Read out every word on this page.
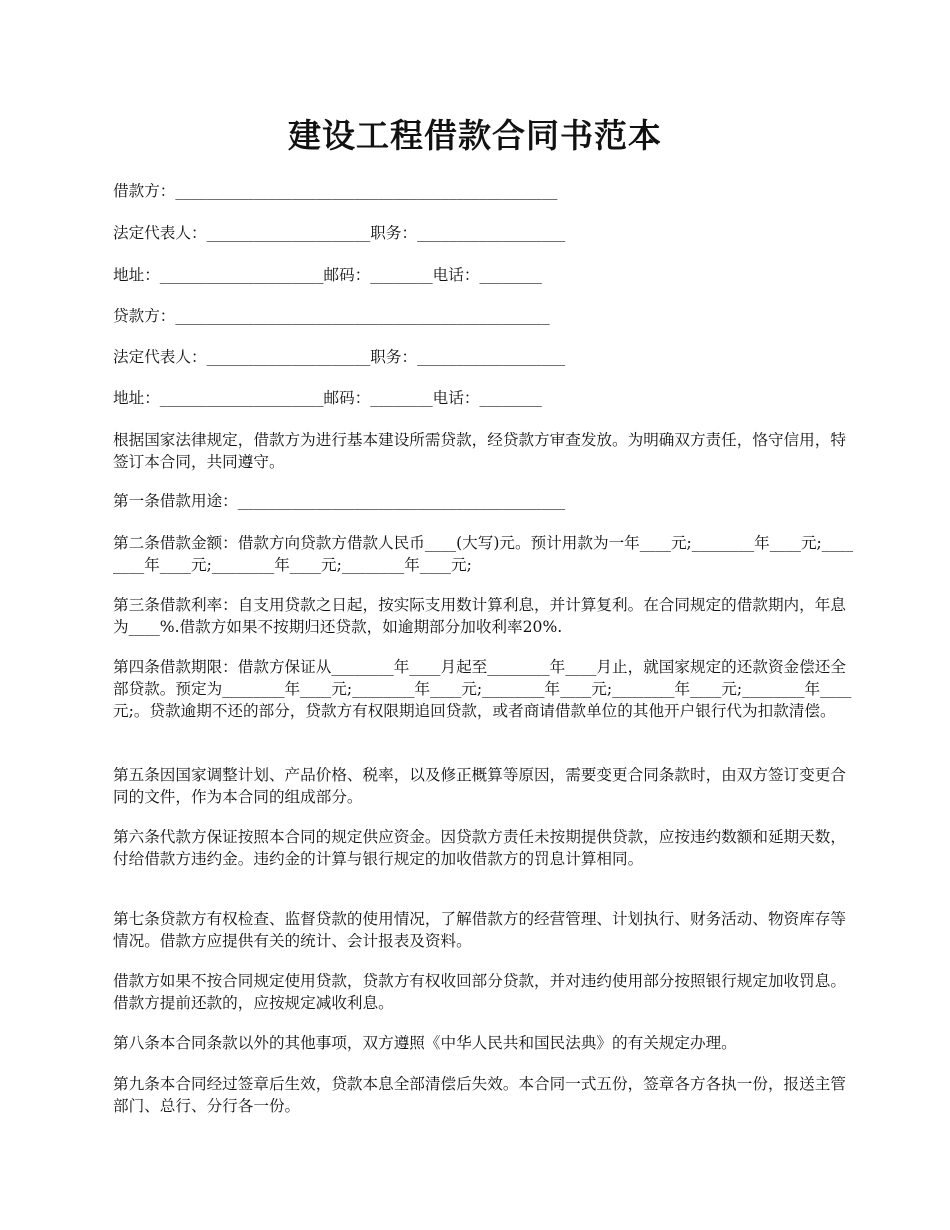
建设工程借款合同书范本

借款方：_________________________________________________

法定代表人：_____________________职务：___________________

地址：_____________________邮码：________电话：________

贷款方：________________________________________________

法定代表人：_____________________职务：___________________

地址：_____________________邮码：________电话：________

根据国家法律规定，借款方为进行基本建设所需贷款，经贷款方审查发放。为明确双方责任，恪守信用，特签订本合同，共同遵守。

第一条借款用途：__________________________________________

第二条借款金额：借款方向贷款方借款人民币____(大写)元。预计用款为一年____元;________年____元;________年____元;________年____元;________年____元;

第三条借款利率：自支用贷款之日起，按实际支用数计算利息，并计算复利。在合同规定的借款期内，年息为____%.借款方如果不按期归还贷款，如逾期部分加收利率20%.

第四条借款期限：借款方保证从________年____月起至________年____月止，就国家规定的还款资金偿还全部贷款。预定为________年____元;________年____元;________年____元;________年____元;________年____元;。贷款逾期不还的部分，贷款方有权限期追回贷款，或者商请借款单位的其他开户银行代为扣款清偿。

第五条因国家调整计划、产品价格、税率，以及修正概算等原因，需要变更合同条款时，由双方签订变更合同的文件，作为本合同的组成部分。

第六条代款方保证按照本合同的规定供应资金。因贷款方责任未按期提供贷款，应按违约数额和延期天数，付给借款方违约金。违约金的计算与银行规定的加收借款方的罚息计算相同。

第七条贷款方有权检查、监督贷款的使用情况，了解借款方的经营管理、计划执行、财务活动、物资库存等情况。借款方应提供有关的统计、会计报表及资料。

借款方如果不按合同规定使用贷款，贷款方有权收回部分贷款，并对违约使用部分按照银行规定加收罚息。借款方提前还款的，应按规定减收利息。

第八条本合同条款以外的其他事项，双方遵照《中华人民共和国民法典》的有关规定办理。

第九条本合同经过签章后生效，贷款本息全部清偿后失效。本合同一式五份，签章各方各执一份，报送主管部门、总行、分行各一份。
